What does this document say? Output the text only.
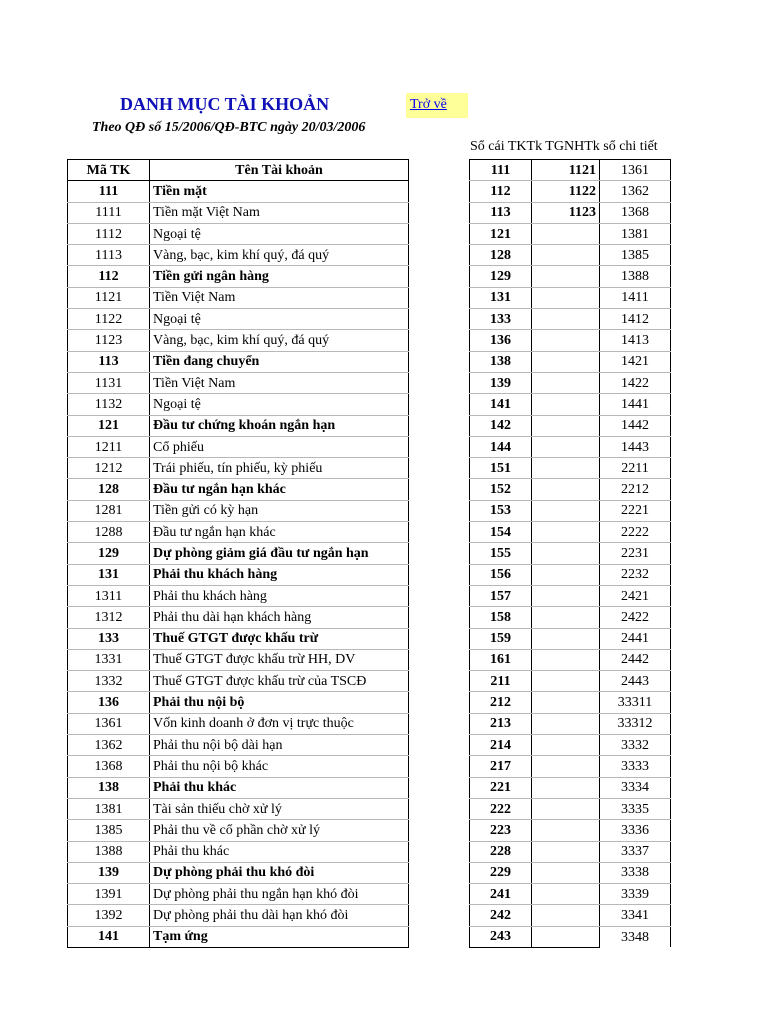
DANH MỤC TÀI KHOẢN	Trở về
Theo QĐ số 15/2006/QĐ-BTC ngày 20/03/2006
Sổ cái TKTk TGNHTk sổ chi tiết
Mã TK	Tên Tài khoản
111	Tiền mặt
1111	Tiền mặt Việt Nam
1112	Ngoại tệ
1113	Vàng, bạc, kim khí quý, đá quý
112	Tiền gửi ngân hàng
1121	Tiền Việt Nam
1122	Ngoại tệ
1123	Vàng, bạc, kim khí quý, đá quý
113	Tiền đang chuyển
1131	Tiền Việt Nam
1132	Ngoại tệ
121	Đầu tư chứng khoán ngắn hạn
1211	Cổ phiếu
1212	Trái phiếu, tín phiếu, kỳ phiếu
128	Đầu tư ngắn hạn khác
1281	Tiền gửi có kỳ hạn
1288	Đầu tư ngắn hạn khác
129	Dự phòng giảm giá đầu tư ngắn hạn
131	Phải thu khách hàng
1311	Phải thu khách hàng
1312	Phải thu dài hạn khách hàng
133	Thuế GTGT được khấu trừ
1331	Thuế GTGT được khấu trừ HH, DV
1332	Thuế GTGT được khấu trừ của TSCĐ
136	Phải thu nội bộ
1361	Vốn kinh doanh ở đơn vị trực thuộc
1362	Phải thu nội bộ dài hạn
1368	Phải thu nội bộ khác
138	Phải thu khác
1381	Tài sản thiếu chờ xử lý
1385	Phải thu về cổ phần chờ xử lý
1388	Phải thu khác
139	Dự phòng phải thu khó đòi
1391	Dự phòng phải thu ngắn hạn khó đòi
1392	Dự phòng phải thu dài hạn khó đòi
141	Tạm ứng
111	1121	1361
112	1122	1362
113	1123	1368
121		1381
128		1385
129		1388
131		1411
133		1412
136		1413
138		1421
139		1422
141		1441
142		1442
144		1443
151		2211
152		2212
153		2221
154		2222
155		2231
156		2232
157		2421
158		2422
159		2441
161		2442
211		2443
212		33311
213		33312
214		3332
217		3333
221		3334
222		3335
223		3336
228		3337
229		3338
241		3339
242		3341
243		3348
